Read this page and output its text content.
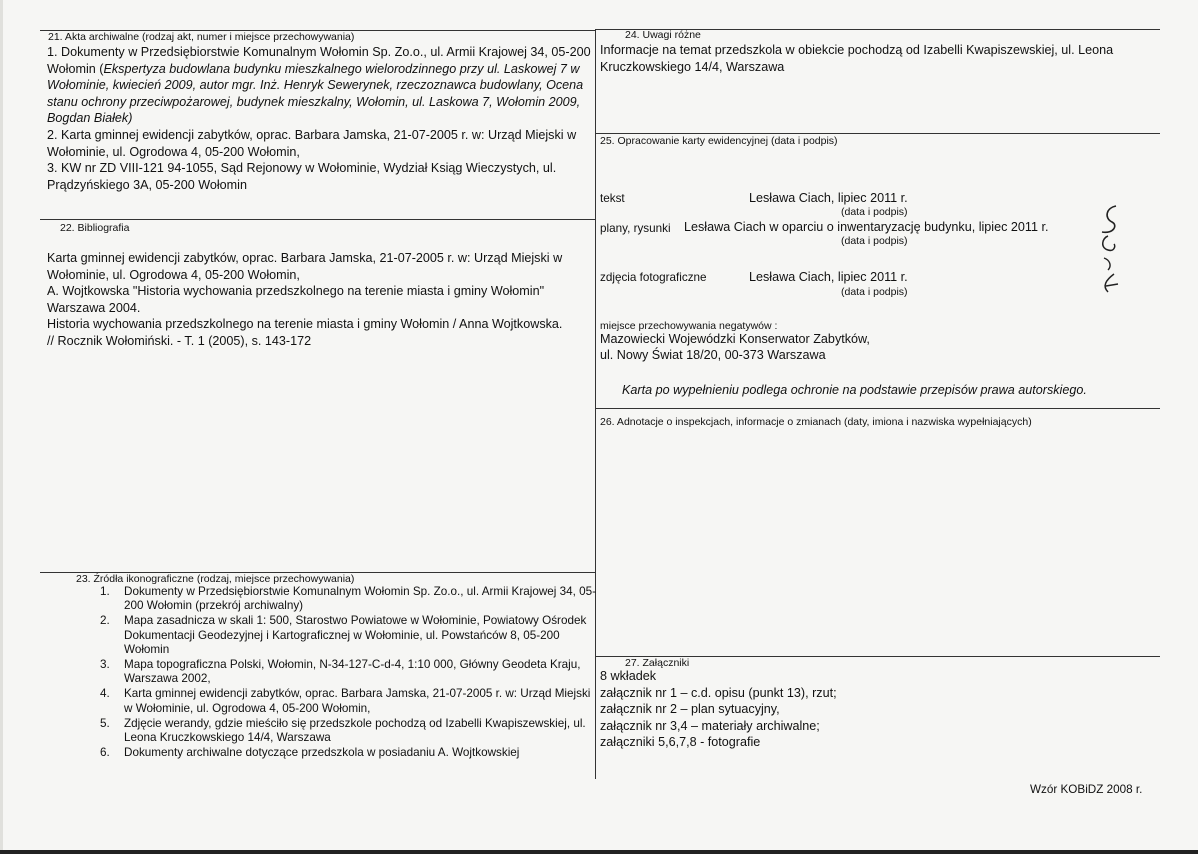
21. Akta archiwalne (rodzaj akt, numer i miejsce przechowywania)
1. Dokumenty w Przedsiębiorstwie Komunalnym Wołomin Sp. Zo.o., ul. Armii Krajowej 34, 05-200 Wołomin (Ekspertyza budowlana budynku mieszkalnego wielorodzinnego przy ul. Laskowej 7 w Wołominie, kwiecień 2009, autor mgr. Inż. Henryk Sewerynek, rzeczoznawca budowlany, Ocena stanu ochrony przeciwpożarowej, budynek mieszkalny, Wołomin, ul. Laskowa 7, Wołomin 2009, Bogdan Białek)
2. Karta gminnej ewidencji zabytków, oprac. Barbara Jamska, 21-07-2005 r. w: Urząd Miejski w Wołominie, ul. Ogrodowa 4, 05-200 Wołomin,
3. KW nr ZD VIII-121 94-1055, Sąd Rejonowy w Wołominie, Wydział Ksiąg Wieczystych, ul. Prądzyńskiego 3A, 05-200 Wołomin
22. Bibliografia
Karta gminnej ewidencji zabytków, oprac. Barbara Jamska, 21-07-2005 r. w: Urząd Miejski w Wołominie, ul. Ogrodowa 4, 05-200 Wołomin,
A. Wojtkowska "Historia wychowania przedszkolnego na terenie miasta i gminy Wołomin" Warszawa 2004.
Historia wychowania przedszkolnego na terenie miasta i gminy Wołomin / Anna Wojtkowska. // Rocznik Wołomiński. - T. 1 (2005), s. 143-172
23. Źródła ikonograficzne (rodzaj, miejsce przechowywania)
1. Dokumenty w Przedsiębiorstwie Komunalnym Wołomin Sp. Zo.o., ul. Armii Krajowej 34, 05-200 Wołomin (przekrój archiwalny)
2. Mapa zasadnicza w skali 1: 500, Starostwo Powiatowe w Wołominie, Powiatowy Ośrodek Dokumentacji Geodezyjnej i Kartograficznej w Wołominie, ul. Powstańców 8, 05-200 Wołomin
3. Mapa topograficzna Polski, Wołomin, N-34-127-C-d-4, 1:10 000, Główny Geodeta Kraju, Warszawa 2002,
4. Karta gminnej ewidencji zabytków, oprac. Barbara Jamska, 21-07-2005 r. w: Urząd Miejski w Wołominie, ul. Ogrodowa 4, 05-200 Wołomin,
5. Zdjęcie werandy, gdzie mieściło się przedszkole pochodzą od Izabelli Kwapiszewskiej, ul. Leona Kruczkowskiego 14/4, Warszawa
6. Dokumenty archiwalne dotyczące przedszkola w posiadaniu A. Wojtkowskiej
24. Uwagi różne
Informacje na temat przedszkola w obiekcie pochodzą od Izabelli Kwapiszewskiej, ul. Leona Kruczkowskiego 14/4, Warszawa
25. Opracowanie karty ewidencyjnej (data i podpis)
tekst	Lesława Ciach, lipiec 2011 r.
(data i podpis)
plany, rysunki Lesława Ciach w oparciu o inwentaryzację budynku, lipiec 2011 r.
(data i podpis)
zdjęcia fotograficzne	Lesława Ciach, lipiec 2011 r.
(data i podpis)
miejsce przechowywania negatywów :
Mazowiecki Wojewódzki Konserwator Zabytków,
ul. Nowy Świat 18/20, 00-373 Warszawa
Karta po wypełnieniu podlega ochronie na podstawie przepisów prawa autorskiego.
26. Adnotacje o inspekcjach, informacje o zmianach (daty, imiona i nazwiska wypełniających)
27. Załączniki
8 wkładek
załącznik nr 1 – c.d. opisu (punkt 13), rzut;
załącznik nr 2 – plan sytuacyjny,
załącznik nr 3,4 – materiały archiwalne;
załączniki 5,6,7,8 - fotografie
Wzór KOBiDZ 2008 r.
